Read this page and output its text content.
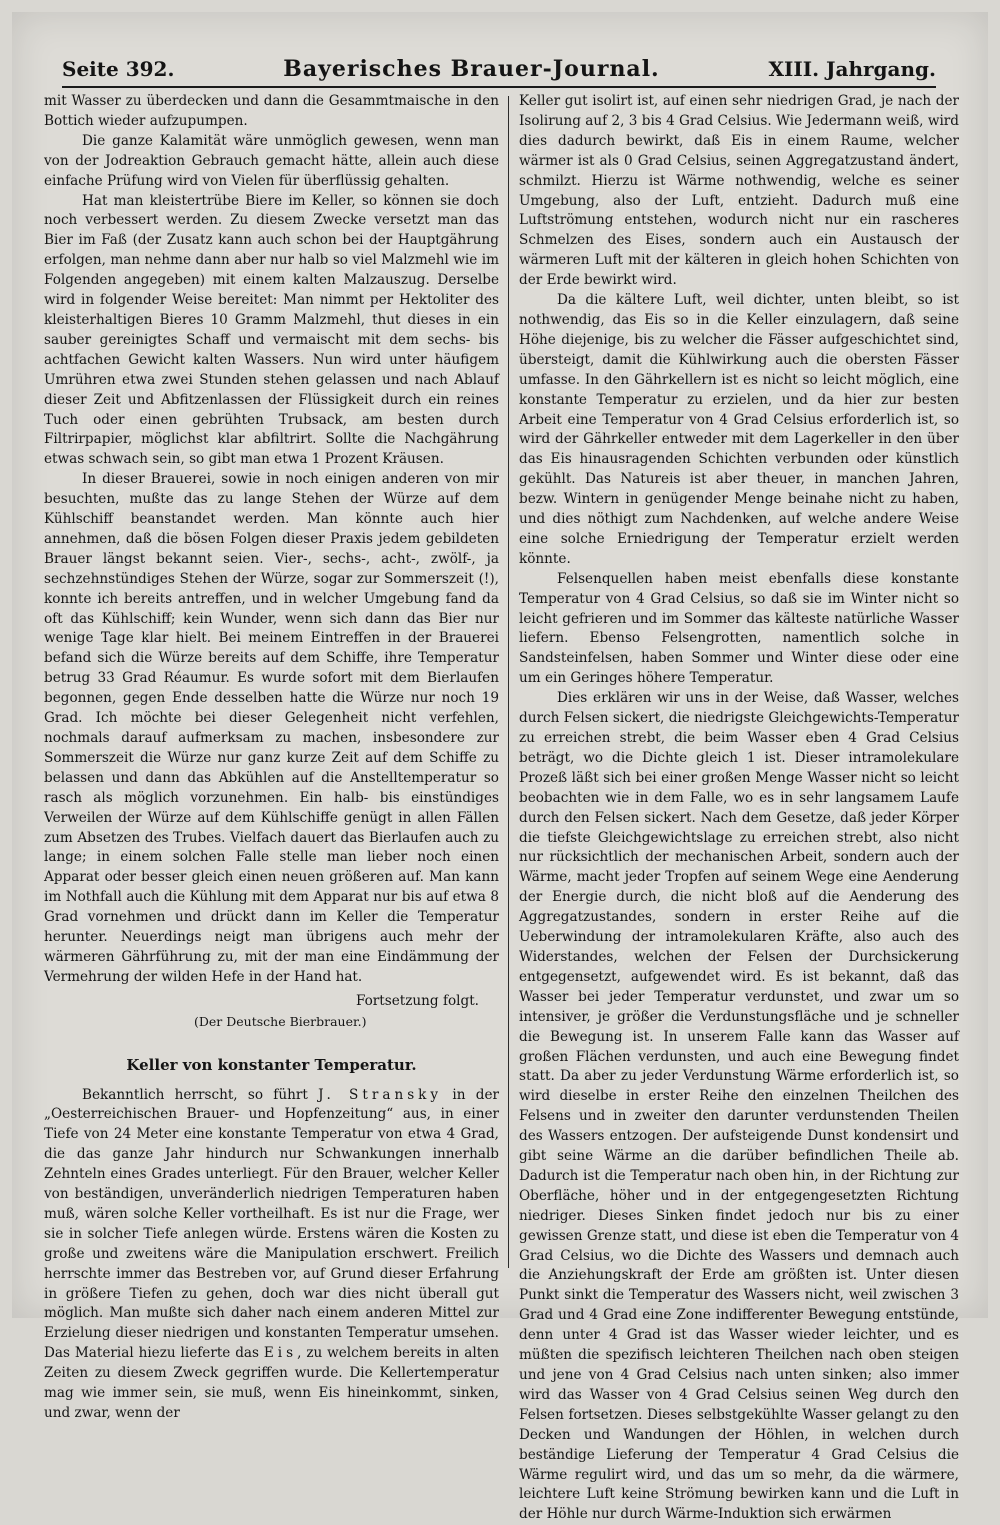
Seite 392.	Bayerisches Brauer-Journal.	XIII. Jahrgang.

mit Wasser zu überdecken und dann die Gesammtmaische in den Bottich wieder aufzupumpen.

Die ganze Kalamität wäre unmöglich gewesen, wenn man von der Jodreaktion Gebrauch gemacht hätte, allein auch diese einfache Prüfung wird von Vielen für überflüssig gehalten.

Hat man kleistertrübe Biere im Keller, so können sie doch noch verbessert werden. Zu diesem Zwecke versetzt man das Bier im Faß (der Zusatz kann auch schon bei der Hauptgährung erfolgen, man nehme dann aber nur halb so viel Malzmehl wie im Folgenden angegeben) mit einem kalten Malzauszug. Derselbe wird in folgender Weise bereitet: Man nimmt per Hektoliter des kleisterhaltigen Bieres 10 Gramm Malzmehl, thut dieses in ein sauber gereinigtes Schaff und vermaischt mit dem sechs- bis achtfachen Gewicht kalten Wassers. Nun wird unter häufigem Umrühren etwa zwei Stunden stehen gelassen und nach Ablauf dieser Zeit und Abfitzenlassen der Flüssigkeit durch ein reines Tuch oder einen gebrühten Trubsack, am besten durch Filtrirpapier, möglichst klar abfiltrirt. Sollte die Nachgährung etwas schwach sein, so gibt man etwa 1 Prozent Kräusen.

In dieser Brauerei, sowie in noch einigen anderen von mir besuchten, mußte das zu lange Stehen der Würze auf dem Kühlschiff beanstandet werden. Man könnte auch hier annehmen, daß die bösen Folgen dieser Praxis jedem gebildeten Brauer längst bekannt seien. Vier-, sechs-, acht-, zwölf-, ja sechzehnstündiges Stehen der Würze, sogar zur Sommerszeit (!), konnte ich bereits antreffen, und in welcher Umgebung fand da oft das Kühlschiff; kein Wunder, wenn sich dann das Bier nur wenige Tage klar hielt. Bei meinem Eintreffen in der Brauerei befand sich die Würze bereits auf dem Schiffe, ihre Temperatur betrug 33 Grad Réaumur. Es wurde sofort mit dem Bierlaufen begonnen, gegen Ende desselben hatte die Würze nur noch 19 Grad. Ich möchte bei dieser Gelegenheit nicht verfehlen, nochmals darauf aufmerksam zu machen, insbesondere zur Sommerszeit die Würze nur ganz kurze Zeit auf dem Schiffe zu belassen und dann das Abkühlen auf die Anstelltemperatur so rasch als möglich vorzunehmen. Ein halb- bis einstündiges Verweilen der Würze auf dem Kühlschiffe genügt in allen Fällen zum Absetzen des Trubes. Vielfach dauert das Bierlaufen auch zu lange; in einem solchen Falle stelle man lieber noch einen Apparat oder besser gleich einen neuen größeren auf. Man kann im Nothfall auch die Kühlung mit dem Apparat nur bis auf etwa 8 Grad vornehmen und drückt dann im Keller die Temperatur herunter. Neuerdings neigt man übrigens auch mehr der wärmeren Gährführung zu, mit der man eine Eindämmung der Vermehrung der wilden Hefe in der Hand hat.

Fortsetzung folgt.

(Der Deutsche Bierbrauer.)

Keller von konstanter Temperatur.

Bekanntlich herrscht, so führt J. Stransky in der „Oesterreichischen Brauer- und Hopfenzeitung“ aus, in einer Tiefe von 24 Meter eine konstante Temperatur von etwa 4 Grad, die das ganze Jahr hindurch nur Schwankungen innerhalb Zehnteln eines Grades unterliegt. Für den Brauer, welcher Keller von beständigen, unveränderlich niedrigen Temperaturen haben muß, wären solche Keller vortheilhaft. Es ist nur die Frage, wer sie in solcher Tiefe anlegen würde. Erstens wären die Kosten zu große und zweitens wäre die Manipulation erschwert. Freilich herrschte immer das Bestreben vor, auf Grund dieser Erfahrung in größere Tiefen zu gehen, doch war dies nicht überall gut möglich. Man mußte sich daher nach einem anderen Mittel zur Erzielung dieser niedrigen und konstanten Temperatur umsehen. Das Material hiezu lieferte das Eis, zu welchem bereits in alten Zeiten zu diesem Zweck gegriffen wurde. Die Kellertemperatur mag wie immer sein, sie muß, wenn Eis hineinkommt, sinken, und zwar, wenn der

Keller gut isolirt ist, auf einen sehr niedrigen Grad, je nach der Isolirung auf 2, 3 bis 4 Grad Celsius. Wie Jedermann weiß, wird dies dadurch bewirkt, daß Eis in einem Raume, welcher wärmer ist als 0 Grad Celsius, seinen Aggregatzustand ändert, schmilzt. Hierzu ist Wärme nothwendig, welche es seiner Umgebung, also der Luft, entzieht. Dadurch muß eine Luftströmung entstehen, wodurch nicht nur ein rascheres Schmelzen des Eises, sondern auch ein Austausch der wärmeren Luft mit der kälteren in gleich hohen Schichten von der Erde bewirkt wird.

Da die kältere Luft, weil dichter, unten bleibt, so ist nothwendig, das Eis so in die Keller einzulagern, daß seine Höhe diejenige, bis zu welcher die Fässer aufgeschichtet sind, übersteigt, damit die Kühlwirkung auch die obersten Fässer umfasse. In den Gährkellern ist es nicht so leicht möglich, eine konstante Temperatur zu erzielen, und da hier zur besten Arbeit eine Temperatur von 4 Grad Celsius erforderlich ist, so wird der Gährkeller entweder mit dem Lagerkeller in den über das Eis hinausragenden Schichten verbunden oder künstlich gekühlt. Das Natureis ist aber theuer, in manchen Jahren, bezw. Wintern in genügender Menge beinahe nicht zu haben, und dies nöthigt zum Nachdenken, auf welche andere Weise eine solche Erniedrigung der Temperatur erzielt werden könnte.

Felsenquellen haben meist ebenfalls diese konstante Temperatur von 4 Grad Celsius, so daß sie im Winter nicht so leicht gefrieren und im Sommer das kälteste natürliche Wasser liefern. Ebenso Felsengrotten, namentlich solche in Sandsteinfelsen, haben Sommer und Winter diese oder eine um ein Geringes höhere Temperatur.

Dies erklären wir uns in der Weise, daß Wasser, welches durch Felsen sickert, die niedrigste Gleichgewichts-Temperatur zu erreichen strebt, die beim Wasser eben 4 Grad Celsius beträgt, wo die Dichte gleich 1 ist. Dieser intramolekulare Prozeß läßt sich bei einer großen Menge Wasser nicht so leicht beobachten wie in dem Falle, wo es in sehr langsamem Laufe durch den Felsen sickert. Nach dem Gesetze, daß jeder Körper die tiefste Gleichgewichtslage zu erreichen strebt, also nicht nur rücksichtlich der mechanischen Arbeit, sondern auch der Wärme, macht jeder Tropfen auf seinem Wege eine Aenderung der Energie durch, die nicht bloß auf die Aenderung des Aggregatzustandes, sondern in erster Reihe auf die Ueberwindung der intramolekularen Kräfte, also auch des Widerstandes, welchen der Felsen der Durchsickerung entgegensetzt, aufgewendet wird. Es ist bekannt, daß das Wasser bei jeder Temperatur verdunstet, und zwar um so intensiver, je größer die Verdunstungsfläche und je schneller die Bewegung ist. In unserem Falle kann das Wasser auf großen Flächen verdunsten, und auch eine Bewegung findet statt. Da aber zu jeder Verdunstung Wärme erforderlich ist, so wird dieselbe in erster Reihe den einzelnen Theilchen des Felsens und in zweiter den darunter verdunstenden Theilen des Wassers entzogen. Der aufsteigende Dunst kondensirt und gibt seine Wärme an die darüber befindlichen Theile ab. Dadurch ist die Temperatur nach oben hin, in der Richtung zur Oberfläche, höher und in der entgegengesetzten Richtung niedriger. Dieses Sinken findet jedoch nur bis zu einer gewissen Grenze statt, und diese ist eben die Temperatur von 4 Grad Celsius, wo die Dichte des Wassers und demnach auch die Anziehungskraft der Erde am größten ist. Unter diesen Punkt sinkt die Temperatur des Wassers nicht, weil zwischen 3 Grad und 4 Grad eine Zone indifferenter Bewegung entstünde, denn unter 4 Grad ist das Wasser wieder leichter, und es müßten die spezifisch leichteren Theilchen nach oben steigen und jene von 4 Grad Celsius nach unten sinken; also immer wird das Wasser von 4 Grad Celsius seinen Weg durch den Felsen fortsetzen. Dieses selbstgekühlte Wasser gelangt zu den Decken und Wandungen der Höhlen, in welchen durch beständige Lieferung der Temperatur 4 Grad Celsius die Wärme regulirt wird, und das um so mehr, da die wärmere, leichtere Luft keine Strömung bewirken kann und die Luft in der Höhle nur durch Wärme-Induktion sich erwärmen
